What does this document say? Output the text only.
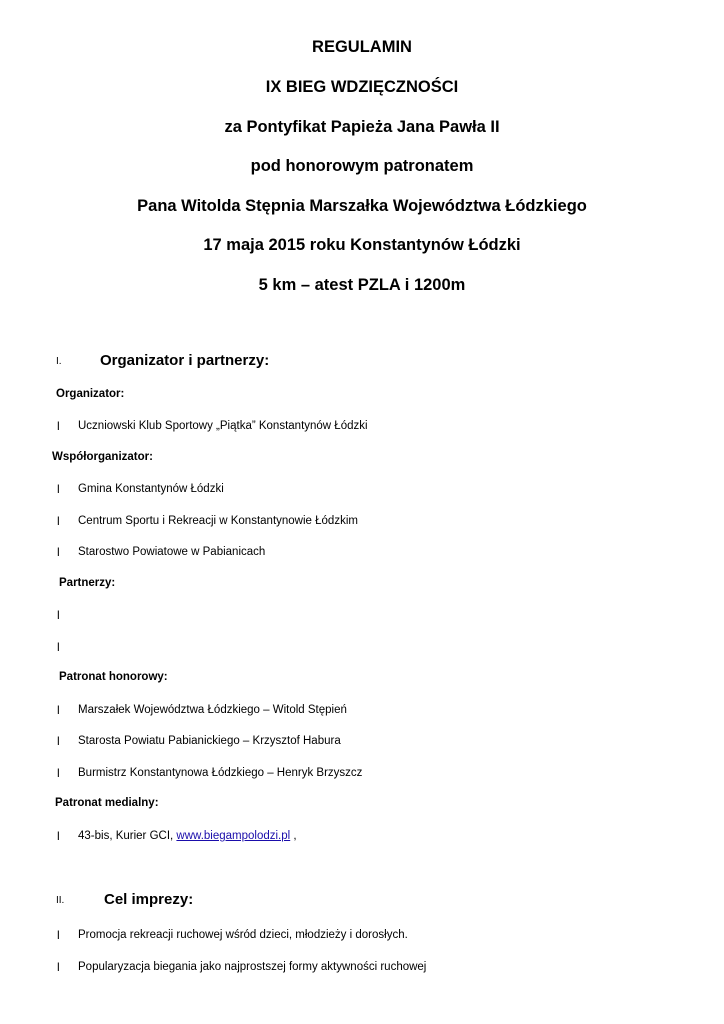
REGULAMIN
IX BIEG WDZIĘCZNOŚCI
za Pontyfikat Papieża Jana Pawła II
pod honorowym patronatem
Pana Witolda Stępnia Marszałka Województwa Łódzkiego
17 maja 2015 roku Konstantynów Łódzki
5 km – atest PZLA i 1200m
I.	Organizator i partnerzy:
Organizator:
l Uczniowski Klub Sportowy „Piątka” Konstantynów Łódzki
Współorganizator:
l Gmina Konstantynów Łódzki
l Centrum Sportu i Rekreacji w Konstantynowie Łódzkim
l Starostwo Powiatowe w Pabianicach
Partnerzy:
l
l
Patronat honorowy:
l Marszałek Województwa Łódzkiego – Witold Stępień
l Starosta Powiatu Pabianickiego – Krzysztof Habura
l Burmistrz Konstantynowa Łódzkiego – Henryk Brzyszcz
Patronat medialny:
l 43-bis, Kurier GCI, www.biegampolodzi.pl ,
II.	Cel imprezy:
l Promocja rekreacji ruchowej wśród dzieci, młodzieży i dorosłych.
l Popularyzacja biegania jako najprostszej formy aktywności ruchowej
